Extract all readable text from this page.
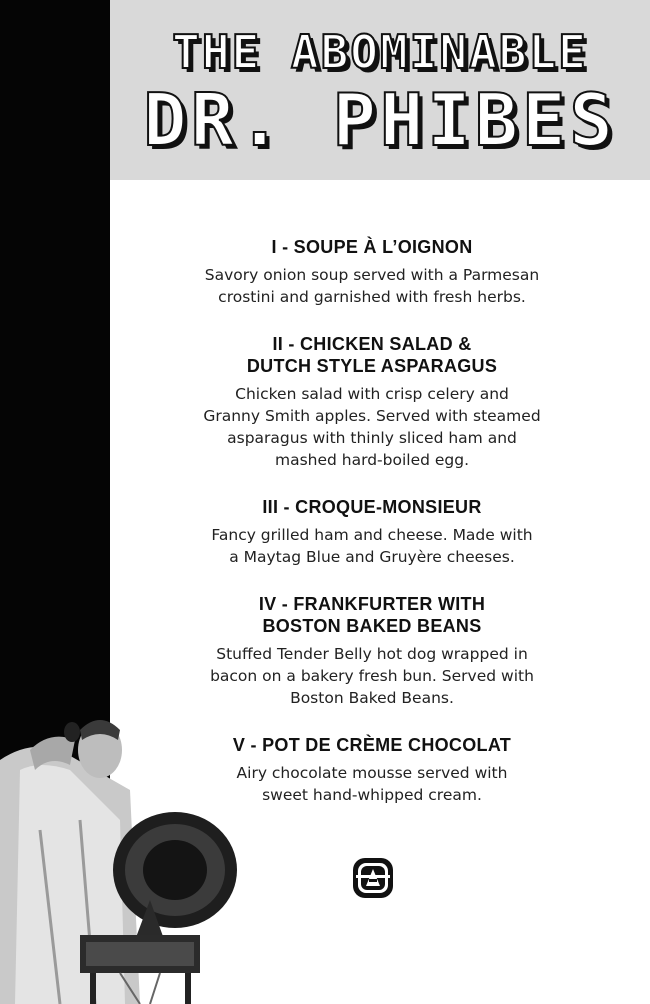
THE ABOMINABLE
DR. PHIBES
I - SOUPE À L’OIGNON
Savory onion soup served with a Parmesan
crostini and garnished with fresh herbs.
II - CHICKEN SALAD &
DUTCH STYLE ASPARAGUS
Chicken salad with crisp celery and
Granny Smith apples. Served with steamed
asparagus with thinly sliced ham and
mashed hard-boiled egg.
III - CROQUE-MONSIEUR
Fancy grilled ham and cheese. Made with
a Maytag Blue and Gruyère cheeses.
IV - FRANKFURTER WITH
BOSTON BAKED BEANS
Stuffed Tender Belly hot dog wrapped in
bacon on a bakery fresh bun. Served with
Boston Baked Beans.
V - POT DE CRÈME CHOCOLAT
Airy chocolate mousse served with
sweet hand-whipped cream.
